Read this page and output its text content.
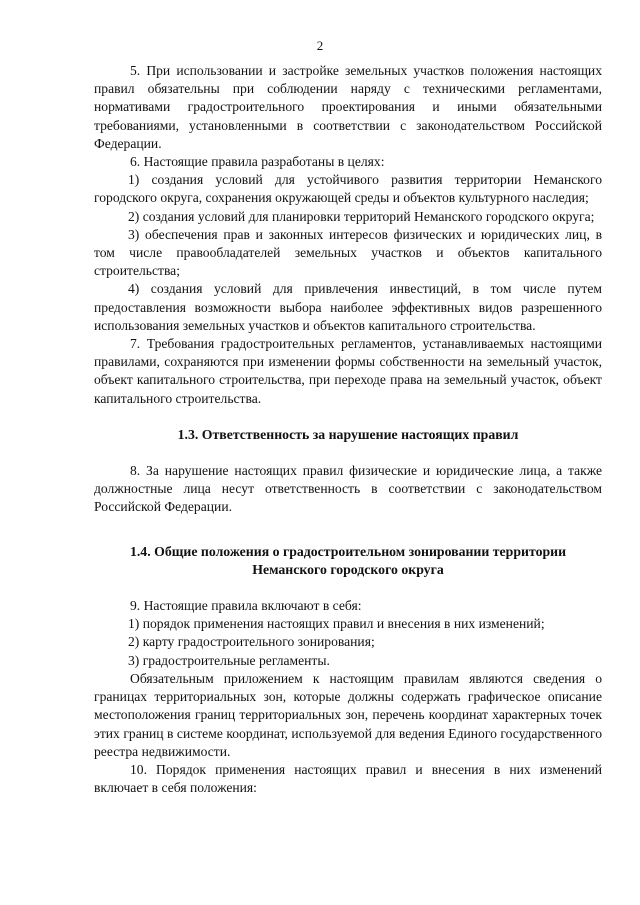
2

5. При использовании и застройке земельных участков положения настоящих правил обязательны при соблюдении наряду с техническими регламентами, нормативами градостроительного проектирования и иными обязательными требованиями, установленными в соответствии с законодательством Российской Федерации.

6. Настоящие правила разработаны в целях:

1) создания условий для устойчивого развития территории Неманского городского округа, сохранения окружающей среды и объектов культурного наследия;

2) создания условий для планировки территорий Неманского городского округа;

3) обеспечения прав и законных интересов физических и юридических лиц, в том числе правообладателей земельных участков и объектов капитального строительства;

4) создания условий для привлечения инвестиций, в том числе путем предоставления возможности выбора наиболее эффективных видов разрешенного использования земельных участков и объектов капитального строительства.

7. Требования градостроительных регламентов, устанавливаемых настоящими правилами, сохраняются при изменении формы собственности на земельный участок, объект капитального строительства, при переходе права на земельный участок, объект капитального строительства.

1.3. Ответственность за нарушение настоящих правил

8. За нарушение настоящих правил физические и юридические лица, а также должностные лица несут ответственность в соответствии с законодательством Российской Федерации.

1.4. Общие положения о градостроительном зонировании территории

Неманского городского округа

9. Настоящие правила включают в себя:

1) порядок применения настоящих правил и внесения в них изменений;

2) карту градостроительного зонирования;

3) градостроительные регламенты.

Обязательным приложением к настоящим правилам являются сведения о границах территориальных зон, которые должны содержать графическое описание местоположения границ территориальных зон, перечень координат характерных точек этих границ в системе координат, используемой для ведения Единого государственного реестра недвижимости.

10. Порядок применения настоящих правил и внесения в них изменений включает в себя положения:
